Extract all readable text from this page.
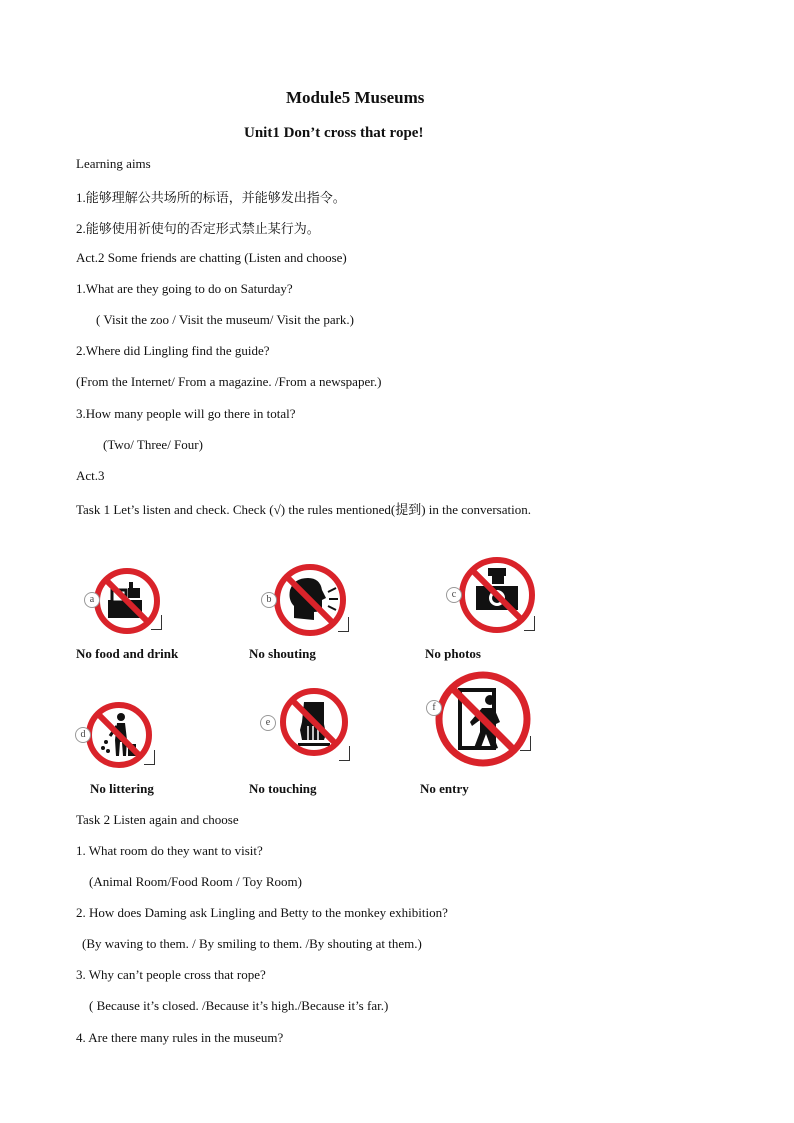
Module5 Museums
Unit1 Don’t cross that rope!
Learning aims
1.能够理解公共场所的标语，并能够发出指令。
2.能够使用祈使句的否定形式禁止某行为。
Act.2 Some friends are chatting (Listen and choose)
1.What are they going to do on Saturday?
( Visit the zoo / Visit the museum/ Visit the park.)
2.Where did Lingling find the guide?
(From the Internet/ From a magazine. /From a newspaper.)
3.How many people will go there in total?
(Two/ Three/ Four)
Act.3
Task 1 Let’s listen and check. Check (√) the rules mentioned(提到) in the conversation.
a	b	c
No food and drink	No shouting	No photos
d
e
f
No littering	No touching	No entry
Task 2 Listen again and choose
1. What room do they want to visit?
(Animal Room/Food Room / Toy Room)
2. How does Daming ask Lingling and Betty to the monkey exhibition?
(By waving to them. / By smiling to them. /By shouting at them.)
3. Why can’t people cross that rope?
( Because it’s closed. /Because it’s high./Because it’s far.)
4. Are there many rules in the museum?
